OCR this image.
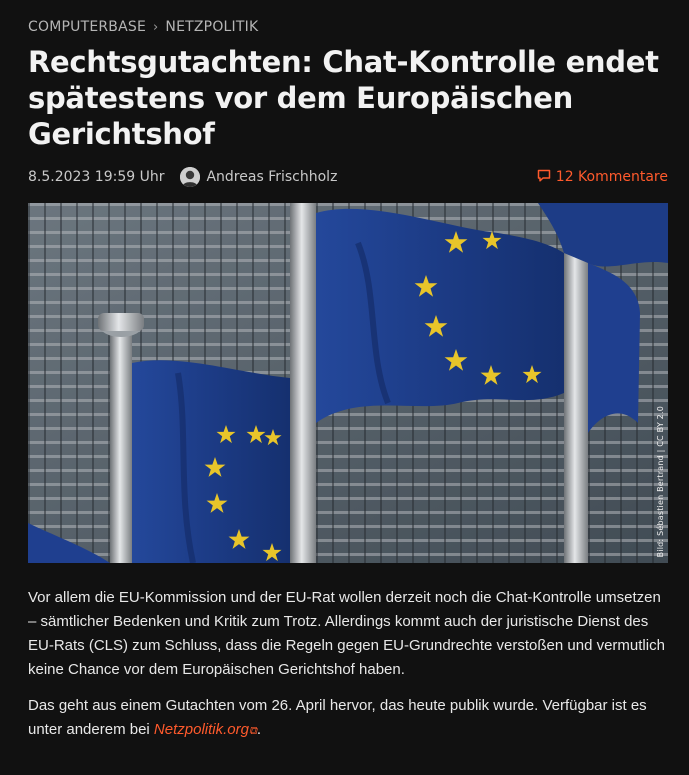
COMPUTERBASE › NETZPOLITIK
Rechtsgutachten: Chat-Kontrolle endet spätestens vor dem Europäischen Gerichtshof
8.5.2023 19:59 Uhr	Andreas Frischholz	12 Kommentare
Bild: Sébastien Bertrand | CC BY 2.0

Vor allem die EU-Kommission und der EU-Rat wollen derzeit noch die Chat-Kontrolle umsetzen – sämtlicher Bedenken und Kritik zum Trotz. Allerdings kommt auch der juristische Dienst des EU-Rats (CLS) zum Schluss, dass die Regeln gegen EU-Grundrechte verstoßen und vermutlich keine Chance vor dem Europäischen Gerichtshof haben.

Das geht aus einem Gutachten vom 26. April hervor, das heute publik wurde. Verfügbar ist es unter anderem bei Netzpolitik.org⧉.
